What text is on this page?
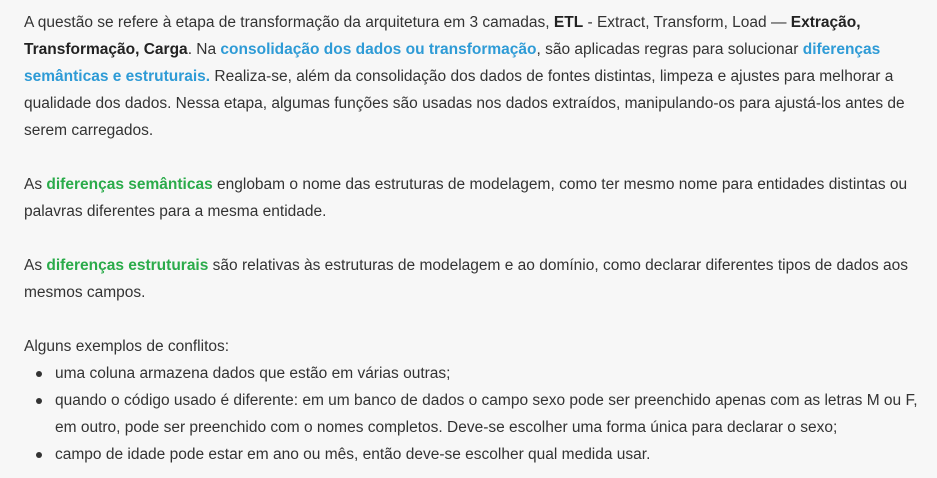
A questão se refere à etapa de transformação da arquitetura em 3 camadas, ETL - Extract, Transform, Load — Extração, Transformação, Carga. Na consolidação dos dados ou transformação, são aplicadas regras para solucionar diferenças semânticas e estruturais. Realiza-se, além da consolidação dos dados de fontes distintas, limpeza e ajustes para melhorar a qualidade dos dados. Nessa etapa, algumas funções são usadas nos dados extraídos, manipulando-os para ajustá-los antes de serem carregados.

As diferenças semânticas englobam o nome das estruturas de modelagem, como ter mesmo nome para entidades distintas ou palavras diferentes para a mesma entidade.

As diferenças estruturais são relativas às estruturas de modelagem e ao domínio, como declarar diferentes tipos de dados aos mesmos campos.

Alguns exemplos de conflitos:

uma coluna armazena dados que estão em várias outras;
quando o código usado é diferente: em um banco de dados o campo sexo pode ser preenchido apenas com as letras M ou F, em outro, pode ser preenchido com o nomes completos. Deve-se escolher uma forma única para declarar o sexo;
campo de idade pode estar em ano ou mês, então deve-se escolher qual medida usar.
